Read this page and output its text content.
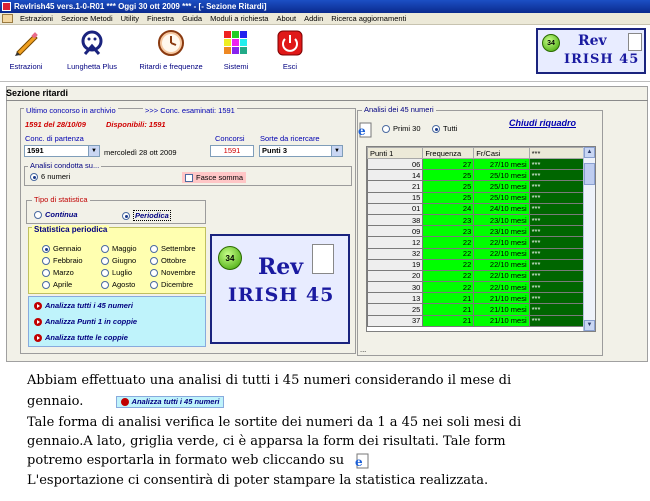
RevIrish45 vers.1-0-R01 *** Oggi 30 ott 2009 *** - [- Sezione Ritardi]
Estrazioni	Sezione Metodi	Utility	Finestra	Guida	Moduli a richiesta	About	Addin	Ricerca aggiornamenti
Estrazioni	Lunghetta Plus	Ritardi e frequenze	Sistemi	Esci
34	Rev
IRISH 45
Sezione ritardi
Ultimo concorso in archivio	>>> Conc. esaminati: 1591
1591 del 28/10/09	Disponibili: 1591
Conc. di partenza
1591	▼ mercoledì 28 ott 2009
Concorsi
1591
Sorte da ricercare
Punti 3	▼
Analisi condotta su...
6 numeri	Fasce somma
Tipo di statistica
Continua	Periodica
Statistica periodica
Gennaio
Febbraio
Marzo
Aprile
Maggio
Giugno
Luglio
Agosto
Settembre
Ottobre
Novembre
Dicembre
Analizza tutti i 45 numeri
Analizza Punti 1 in coppie
Analizza tutte le coppie
34	Rev
IRISH 45
Analisi dei 45 numeri
e	Primi 30	Tutti
Chiudi riquadro
Punti 1	Frequenza	Fr/Casi	***
06	27	27/10 mesi	***
14	25	25/10 mesi	***
21	25	25/10 mesi	***
15	25	25/10 mesi	***
01	24	24/10 mesi	***
38	23	23/10 mesi	***
09	23	23/10 mesi	***
12	22	22/10 mesi	***
32	22	22/10 mesi	***
19	22	22/10 mesi	***
20	22	22/10 mesi	***
30	22	22/10 mesi	***
13	21	21/10 mesi	***
25	21	21/10 mesi	***
37	21	21/10 mesi	***
▲
▼
...
Abbiam effettuato una analisi di tutti i 45 numeri considerando il mese di
gennaio.	Analizza tutti i 45 numeri
Tale forma di analisi verifica le sortite dei numeri da 1 a 45 nei soli mesi di
gennaio.A lato, griglia verde, ci è apparsa la form dei risultati. Tale form
potremo esportarla in formato web cliccando su e
L'esportazione ci consentirà di poter stampare la statistica realizzata.
